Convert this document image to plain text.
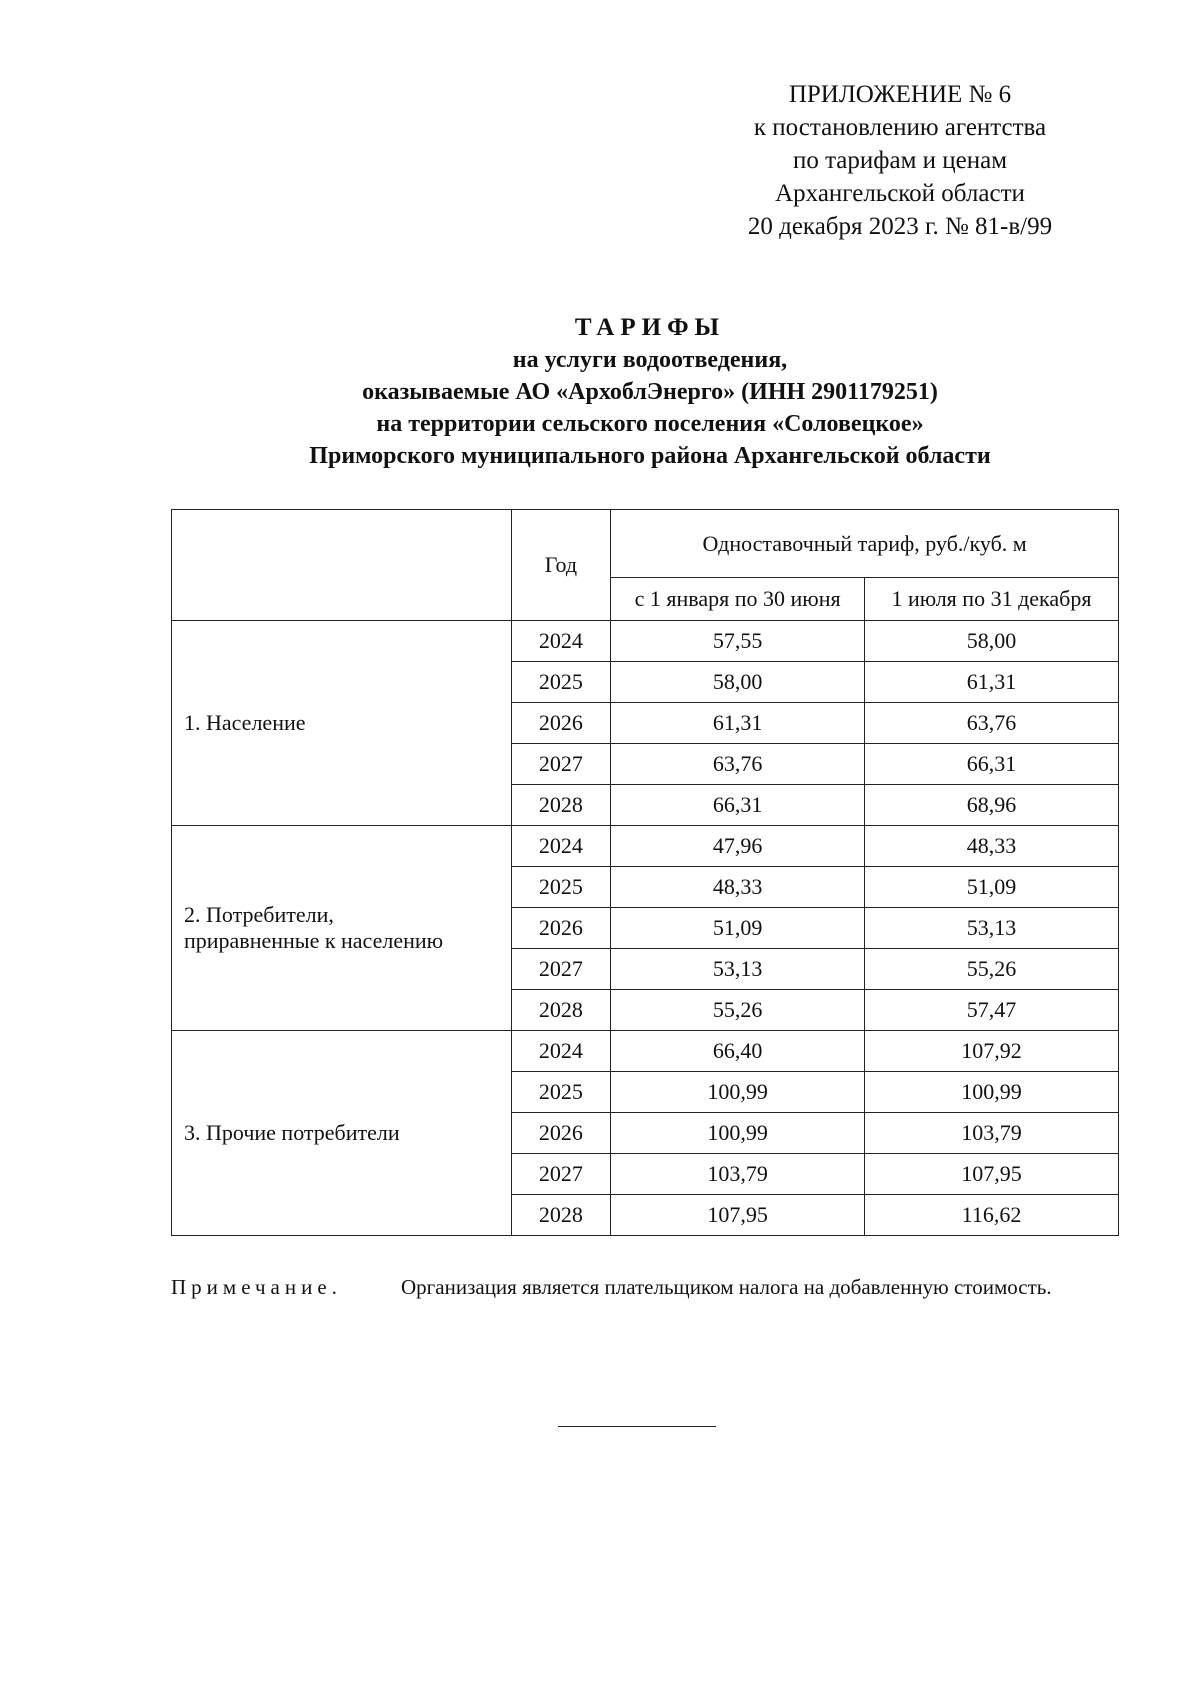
ПРИЛОЖЕНИЕ № 6
к постановлению агентства
по тарифам и ценам
Архангельской области
20 декабря 2023 г. № 81-в/99
ТАРИФЫ
на услуги водоотведения,
оказываемые АО «АрхоблЭнерго» (ИНН 2901179251)
на территории сельского поселения «Соловецкое»
Приморского муниципального района Архангельской области
	Год	Одноставочный тариф, руб./куб. м	
		с 1 января по 30 июня	1 июля по 31 декабря

1. Население	2024	57,55	58,00
	2025	58,00	61,31
	2026	61,31	63,76
	2027	63,76	66,31
	2028	66,31	68,96

2. Потребители,
приравненные к населению	2024	47,96	48,33
	2025	48,33	51,09
	2026	51,09	53,13
	2027	53,13	55,26
	2028	55,26	57,47

3. Прочие потребители	2024	66,40	107,92
	2025	100,99	100,99
	2026	100,99	103,79
	2027	103,79	107,95
	2028	107,95	116,62
Примечание.	Организация является плательщиком налога на добавленную стоимость.
